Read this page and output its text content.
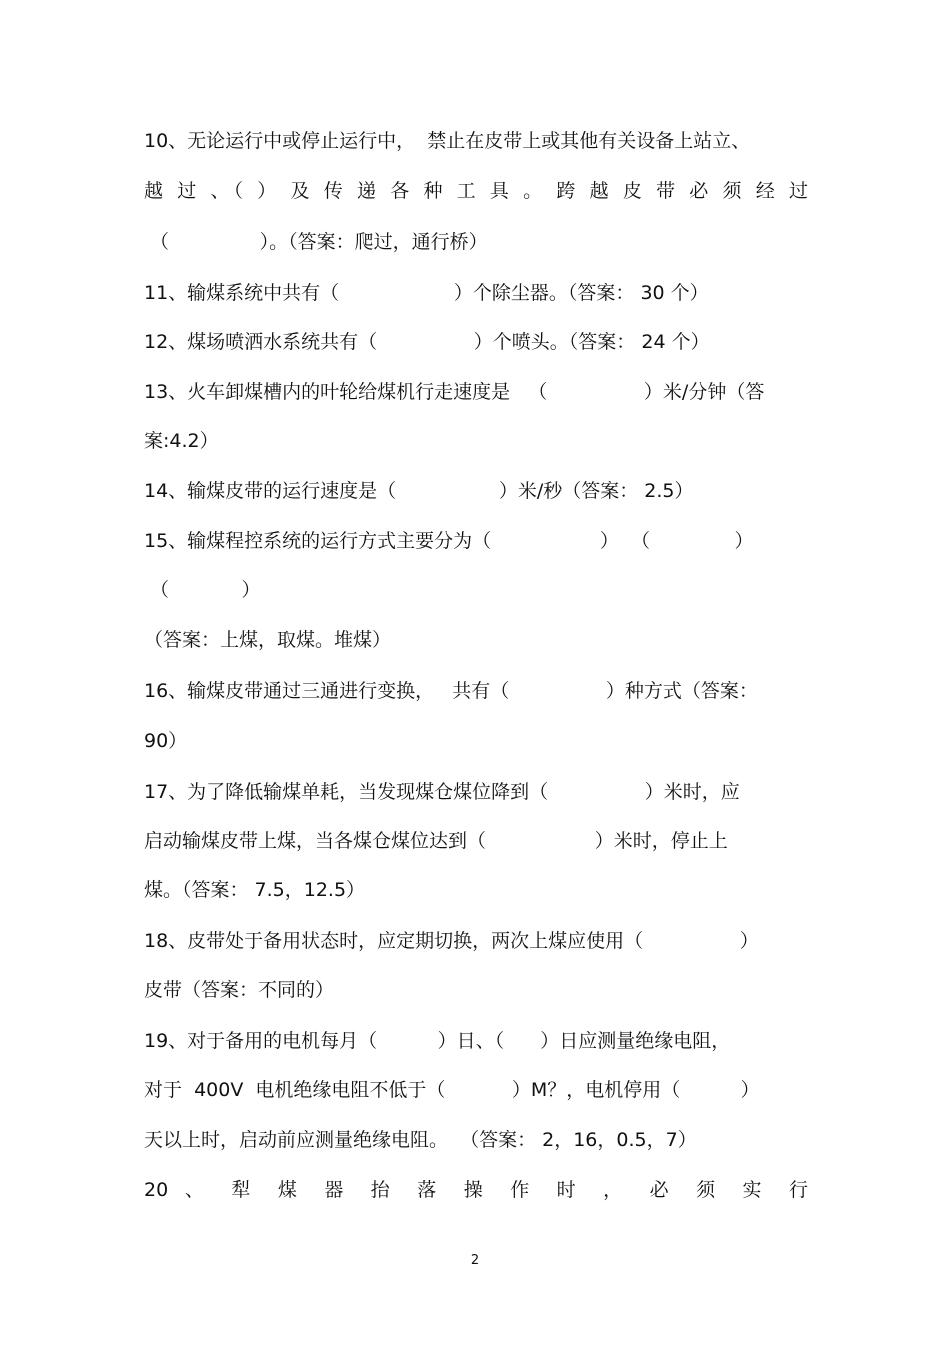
10、无论运行中或停止运行中，  禁止在皮带上或其他有关设备上站立、
越 过 、（ ） 及 传 递 各 种 工 具 。 跨 越 皮 带 必 须 经 过
（               ）。（答案：爬过，通行桥）
11、输煤系统中共有（                   ）个除尘器。（答案： 30 个）
12、煤场喷洒水系统共有（                ）个喷头。（答案： 24 个）
13、火车卸煤槽内的叶轮给煤机行走速度是   （                ）米/分钟（答
案:4.2）
14、输煤皮带的运行速度是（                 ）米/秒（答案： 2.5）
15、输煤程控系统的运行方式主要分为（                  ）  （              ）
（            ）
（答案：上煤，取煤。堆煤）
16、输煤皮带通过三通进行变换，   共有（                ）种方式（答案：
90）
17、为了降低输煤单耗，当发现煤仓煤位降到（                ）米时，应
启动输煤皮带上煤，当各煤仓煤位达到（                  ）米时，停止上
煤。（答案： 7.5，12.5）
18、皮带处于备用状态时，应定期切换，两次上煤应使用（                ）
皮带（答案：不同的）
19、对于备用的电机每月（          ）日、（      ）日应测量绝缘电阻，
对于  400V  电机绝缘电阻不低于（           ）M？，电机停用（          ）
天以上时，启动前应测量绝缘电阻。  （答案： 2，16，0.5，7）
20 、 犁 煤 器 抬 落 操 作 时 ， 必 须 实 行
2
